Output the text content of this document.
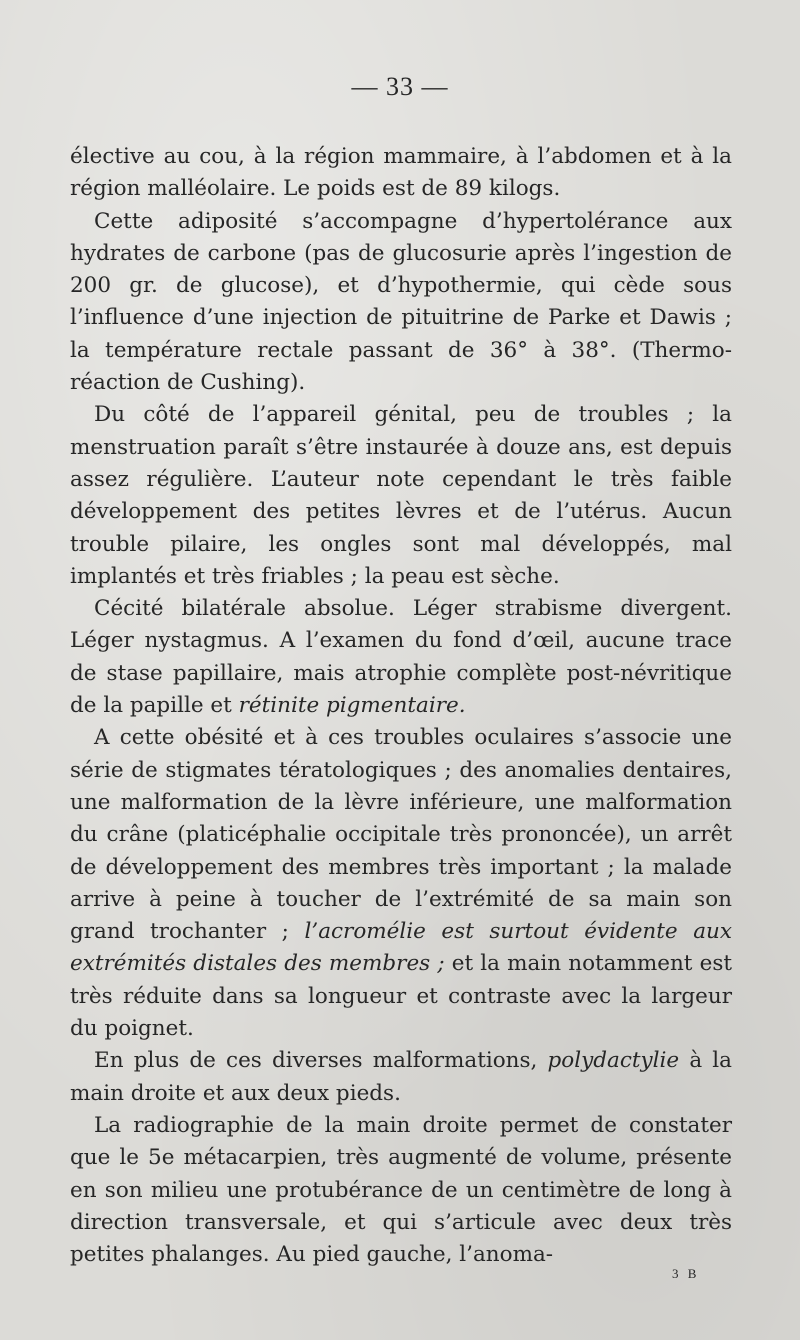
— 33 —

élective au cou, à la région mammaire, à l’abdomen et à la région malléolaire. Le poids est de 89 kilogs.

Cette adiposité s’accompagne d’hypertolérance aux hydrates de carbone (pas de glucosurie après l’ingestion de 200 gr. de glucose), et d’hypothermie, qui cède sous l’influence d’une injection de pituitrine de Parke et Dawis ; la température rectale passant de 36° à 38°. (Thermo-réaction de Cushing).

Du côté de l’appareil génital, peu de troubles ; la menstruation paraît s’être instaurée à douze ans, est depuis assez régulière. L’auteur note cependant le très faible développement des petites lèvres et de l’utérus. Aucun trouble pilaire, les ongles sont mal développés, mal implantés et très friables ; la peau est sèche.

Cécité bilatérale absolue. Léger strabisme divergent. Léger nystagmus. A l’examen du fond d’œil, aucune trace de stase papillaire, mais atrophie complète post-névritique de la papille et rétinite pigmentaire.

A cette obésité et à ces troubles oculaires s’associe une série de stigmates tératologiques ; des anomalies dentaires, une malformation de la lèvre inférieure, une malformation du crâne (platicéphalie occipitale très prononcée), un arrêt de développement des membres très important ; la malade arrive à peine à toucher de l’extrémité de sa main son grand trochanter ; l’acromélie est surtout évidente aux extrémités distales des membres ; et la main notamment est très réduite dans sa longueur et contraste avec la largeur du poignet.

En plus de ces diverses malformations, polydactylie à la main droite et aux deux pieds.

La radiographie de la main droite permet de constater que le 5e métacarpien, très augmenté de volume, présente en son milieu une protubérance de un centimètre de long à direction transversale, et qui s’articule avec deux très petites phalanges. Au pied gauche, l’anoma-

3 B
